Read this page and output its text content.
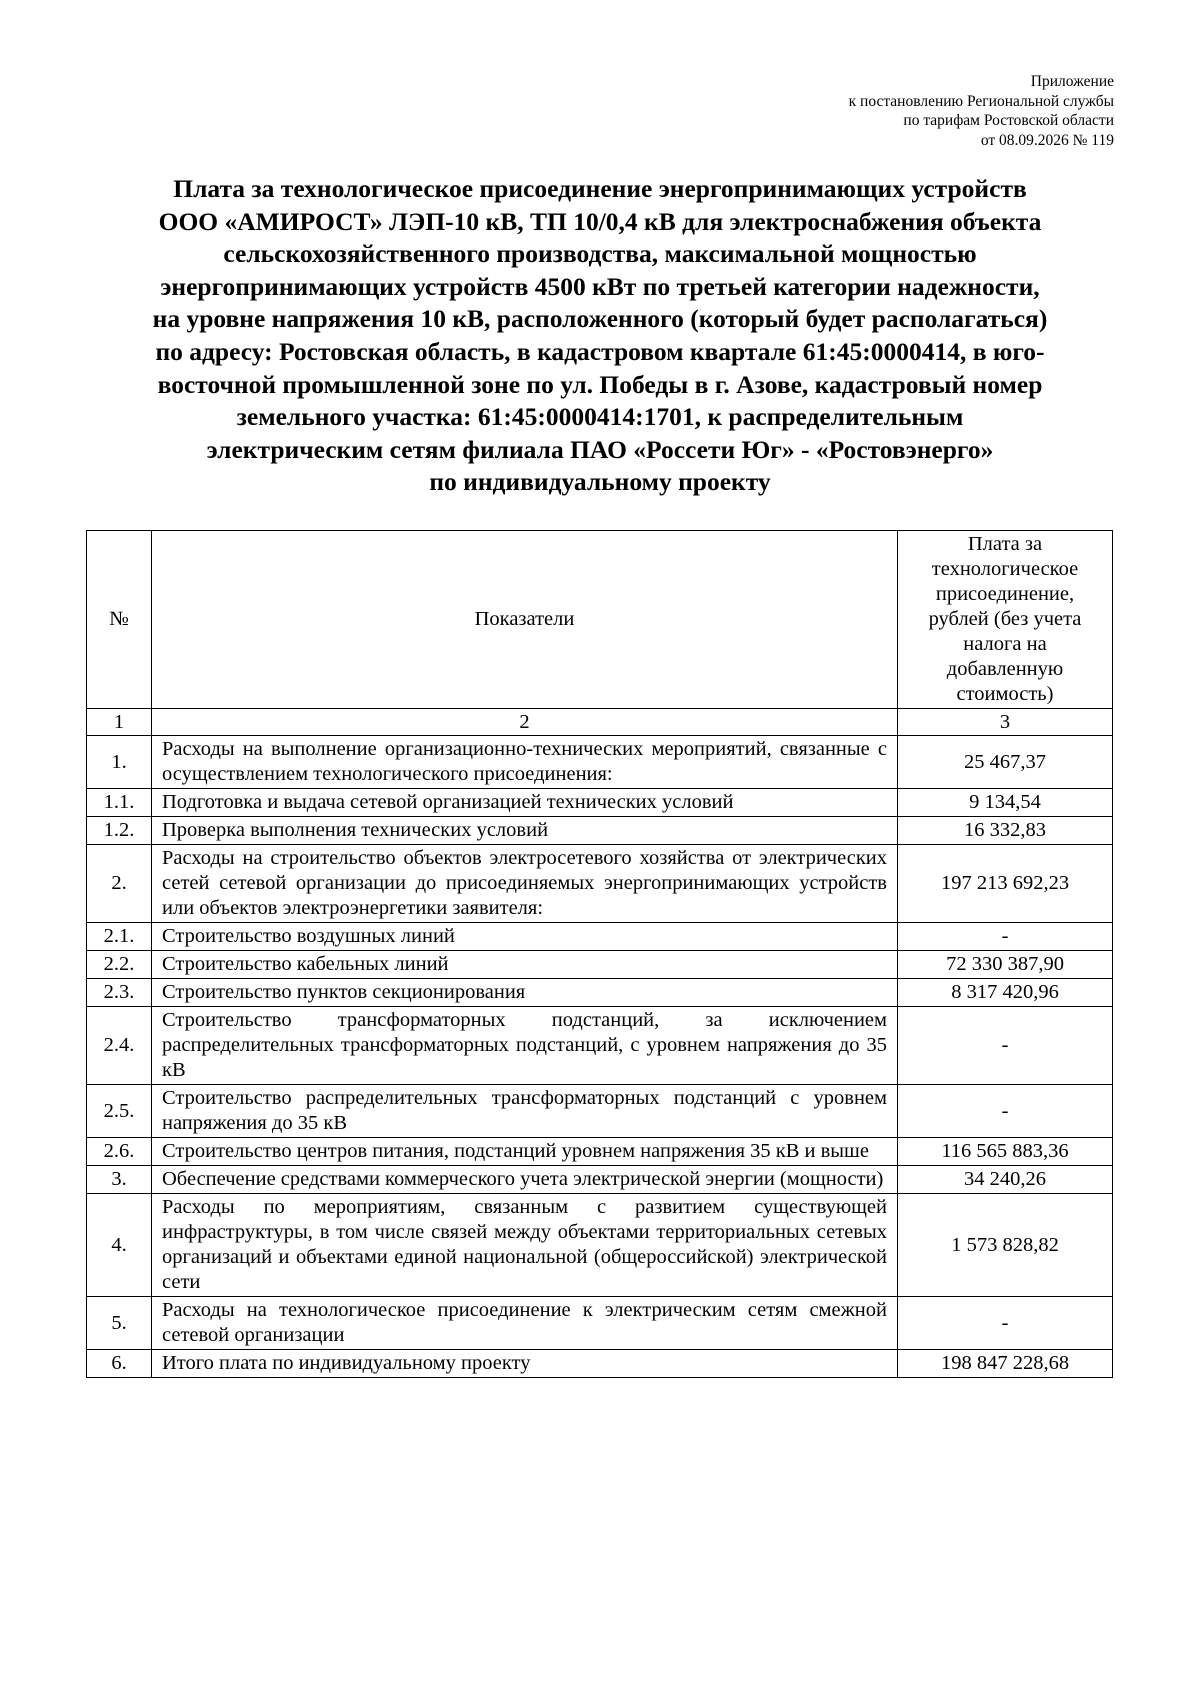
Приложение
к постановлению Региональной службы
по тарифам Ростовской области
от 08.09.2026 № 119
Плата за технологическое присоединение энергопринимающих устройств
ООО «АМИРОСТ» ЛЭП-10 кВ, ТП 10/0,4 кВ для электроснабжения объекта
сельскохозяйственного производства, максимальной мощностью
энергопринимающих устройств 4500 кВт по третьей категории надежности,
на уровне напряжения 10 кВ, расположенного (который будет располагаться)
по адресу: Ростовская область, в кадастровом квартале 61:45:0000414, в юго-
восточной промышленной зоне по ул. Победы в г. Азове, кадастровый номер
земельного участка: 61:45:0000414:1701, к распределительным
электрическим сетям филиала ПАО «Россети Юг» - «Ростовэнерго»
по индивидуальному проекту
№	Показатели	Плата за технологическое присоединение, рублей (без учета налога на добавленную стоимость)
1	2	3
1.	Расходы на выполнение организационно-технических мероприятий, связанные с осуществлением технологического присоединения:	25 467,37
1.1.	Подготовка и выдача сетевой организацией технических условий	9 134,54
1.2.	Проверка выполнения технических условий	16 332,83
2.	Расходы на строительство объектов электросетевого хозяйства от электрических сетей сетевой организации до присоединяемых энергопринимающих устройств или объектов электроэнергетики заявителя:	197 213 692,23
2.1.	Строительство воздушных линий	-
2.2.	Строительство кабельных линий	72 330 387,90
2.3.	Строительство пунктов секционирования	8 317 420,96
2.4.	Строительство трансформаторных подстанций, за исключением распределительных трансформаторных подстанций, с уровнем напряжения до 35 кВ	-
2.5.	Строительство распределительных трансформаторных подстанций с уровнем напряжения до 35 кВ	-
2.6.	Строительство центров питания, подстанций уровнем напряжения 35 кВ и выше	116 565 883,36
3.	Обеспечение средствами коммерческого учета электрической энергии (мощности)	34 240,26
4.	Расходы по мероприятиям, связанным с развитием существующей инфраструктуры, в том числе связей между объектами территориальных сетевых организаций и объектами единой национальной (общероссийской) электрической сети	1 573 828,82
5.	Расходы на технологическое присоединение к электрическим сетям смежной сетевой организации	-
6.	Итого плата по индивидуальному проекту	198 847 228,68
